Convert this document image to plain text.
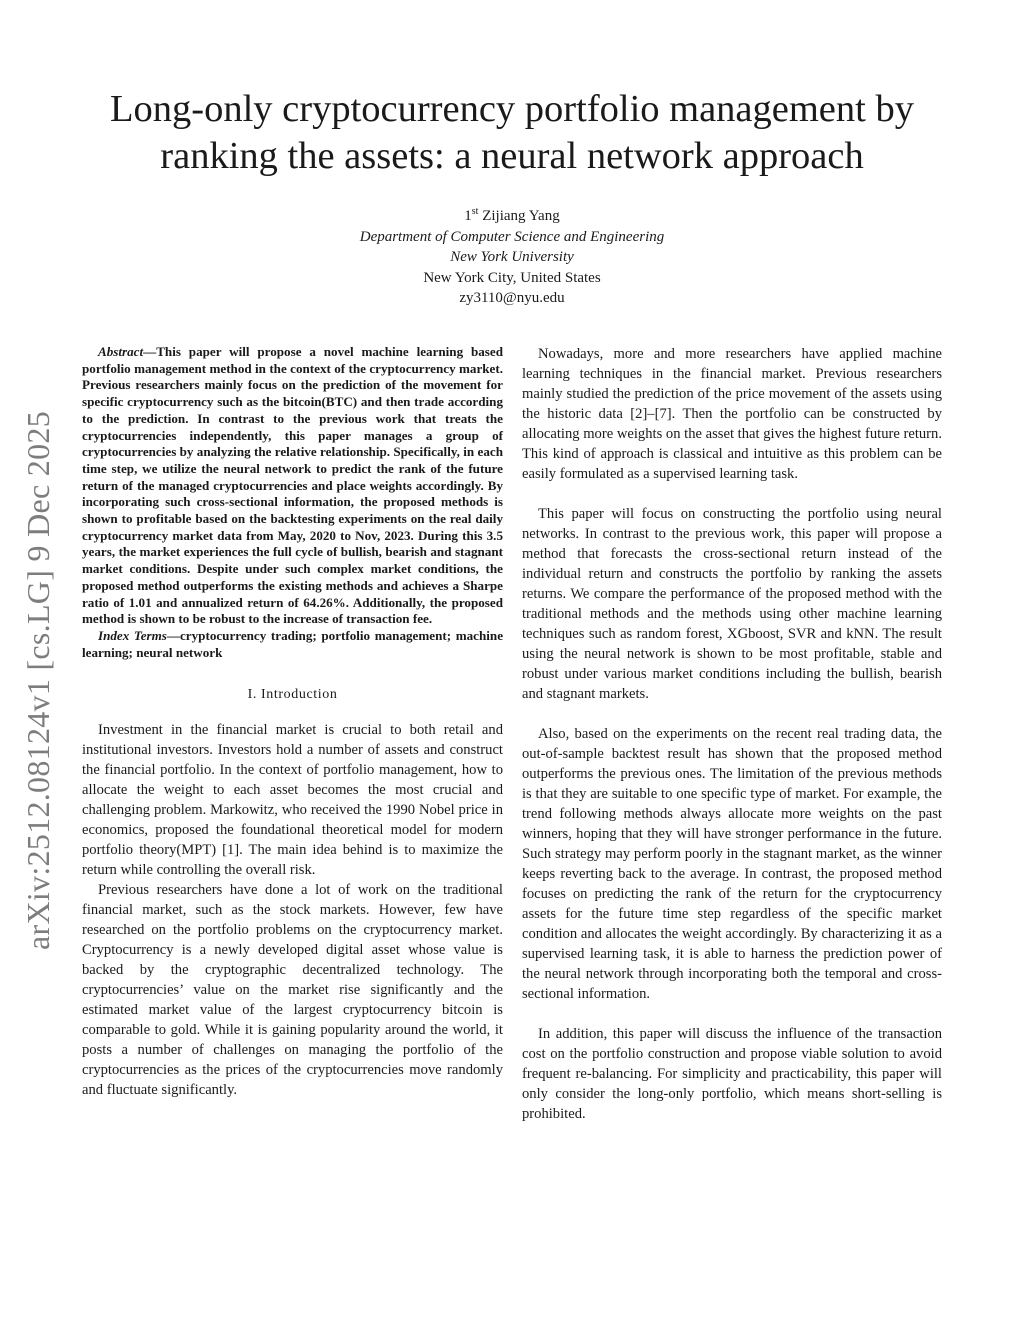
arXiv:2512.08124v1 [cs.LG] 9 Dec 2025
Long-only cryptocurrency portfolio management by
ranking the assets: a neural network approach
1st Zijiang Yang
Department of Computer Science and Engineering
New York University
New York City, United States
zy3110@nyu.edu

Abstract—This paper will propose a novel machine learning based portfolio management method in the context of the cryptocurrency market. Previous researchers mainly focus on the prediction of the movement for specific cryptocurrency such as the bitcoin(BTC) and then trade according to the prediction. In contrast to the previous work that treats the cryptocurrencies independently, this paper manages a group of cryptocurrencies by analyzing the relative relationship. Specifically, in each time step, we utilize the neural network to predict the rank of the future return of the managed cryptocurrencies and place weights accordingly. By incorporating such cross-sectional information, the proposed methods is shown to profitable based on the backtesting experiments on the real daily cryptocurrency market data from May, 2020 to Nov, 2023. During this 3.5 years, the market experiences the full cycle of bullish, bearish and stagnant market conditions. Despite under such complex market conditions, the proposed method outperforms the existing methods and achieves a Sharpe ratio of 1.01 and annualized return of 64.26%. Additionally, the proposed method is shown to be robust to the increase of transaction fee.

Index Terms—cryptocurrency trading; portfolio management; machine learning; neural network

I. Introduction

Investment in the financial market is crucial to both retail and institutional investors. Investors hold a number of assets and construct the financial portfolio. In the context of portfolio management, how to allocate the weight to each asset becomes the most crucial and challenging problem. Markowitz, who received the 1990 Nobel price in economics, proposed the foundational theoretical model for modern portfolio theory(MPT) [1]. The main idea behind is to maximize the return while controlling the overall risk.

Previous researchers have done a lot of work on the traditional financial market, such as the stock markets. However, few have researched on the portfolio problems on the cryptocurrency market. Cryptocurrency is a newly developed digital asset whose value is backed by the cryptographic decentralized technology. The cryptocurrencies’ value on the market rise significantly and the estimated market value of the largest cryptocurrency bitcoin is comparable to gold. While it is gaining popularity around the world, it posts a number of challenges on managing the portfolio of the cryptocurrencies as the prices of the cryptocurrencies move randomly and fluctuate significantly.

Nowadays, more and more researchers have applied machine learning techniques in the financial market. Previous researchers mainly studied the prediction of the price movement of the assets using the historic data [2]–[7]. Then the portfolio can be constructed by allocating more weights on the asset that gives the highest future return. This kind of approach is classical and intuitive as this problem can be easily formulated as a supervised learning task.

This paper will focus on constructing the portfolio using neural networks. In contrast to the previous work, this paper will propose a method that forecasts the cross-sectional return instead of the individual return and constructs the portfolio by ranking the assets returns. We compare the performance of the proposed method with the traditional methods and the methods using other machine learning techniques such as random forest, XGboost, SVR and kNN. The result using the neural network is shown to be most profitable, stable and robust under various market conditions including the bullish, bearish and stagnant markets.

Also, based on the experiments on the recent real trading data, the out-of-sample backtest result has shown that the proposed method outperforms the previous ones. The limitation of the previous methods is that they are suitable to one specific type of market. For example, the trend following methods always allocate more weights on the past winners, hoping that they will have stronger performance in the future. Such strategy may perform poorly in the stagnant market, as the winner keeps reverting back to the average. In contrast, the proposed method focuses on predicting the rank of the return for the cryptocurrency assets for the future time step regardless of the specific market condition and allocates the weight accordingly. By characterizing it as a supervised learning task, it is able to harness the prediction power of the neural network through incorporating both the temporal and cross-sectional information.

In addition, this paper will discuss the influence of the transaction cost on the portfolio construction and propose viable solution to avoid frequent re-balancing. For simplicity and practicability, this paper will only consider the long-only portfolio, which means short-selling is prohibited.
